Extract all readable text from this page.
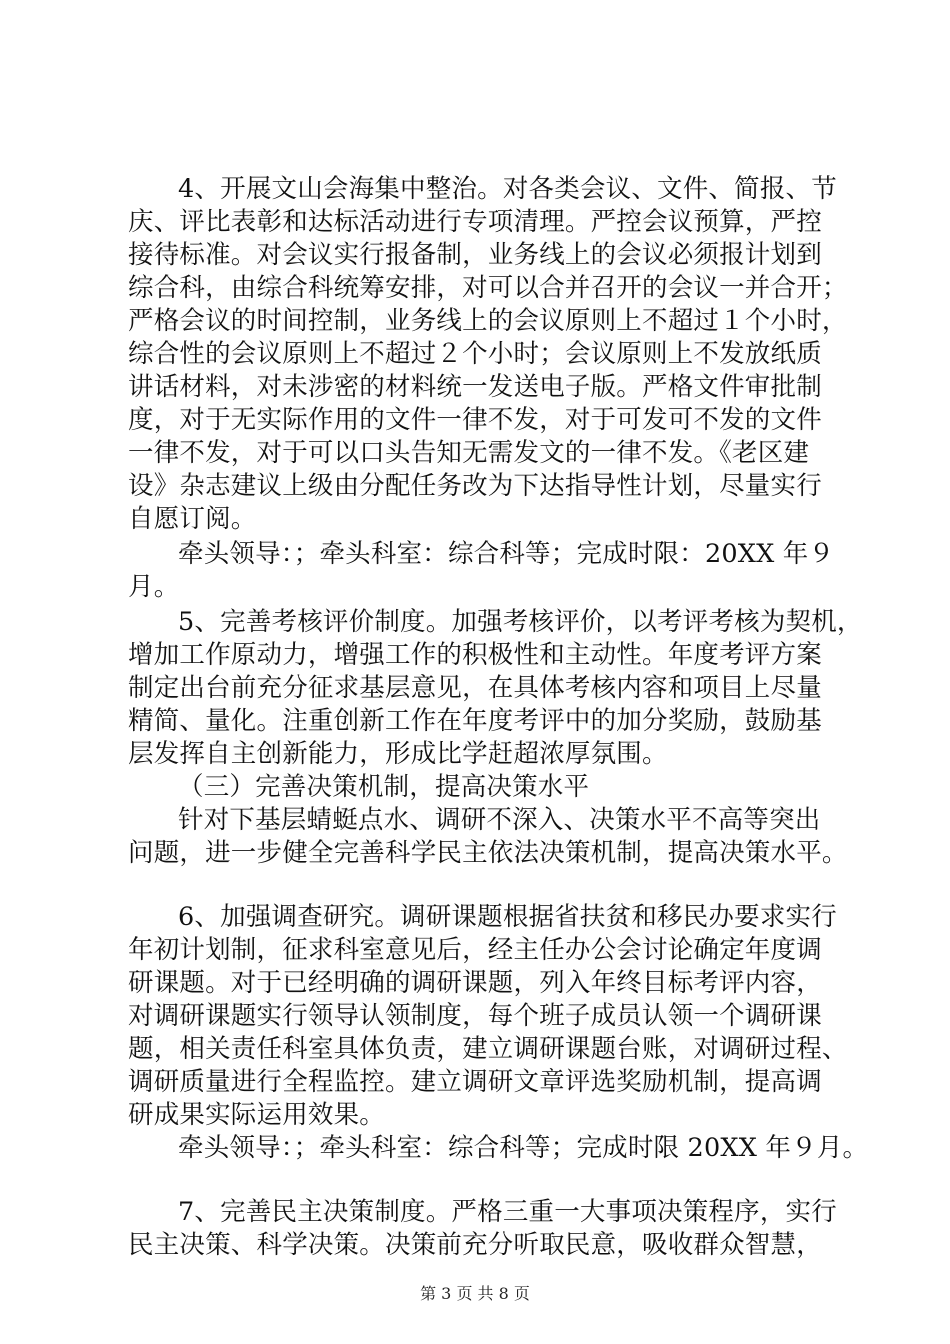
4、开展文山会海集中整治。对各类会议、文件、简报、节
庆、评比表彰和达标活动进行专项清理。严控会议预算，严控
接待标准。对会议实行报备制，业务线上的会议必须报计划到
综合科，由综合科统筹安排，对可以合并召开的会议一并合开；
严格会议的时间控制，业务线上的会议原则上不超过１个小时，
综合性的会议原则上不超过２个小时；会议原则上不发放纸质
讲话材料，对未涉密的材料统一发送电子版。严格文件审批制
度，对于无实际作用的文件一律不发，对于可发可不发的文件
一律不发，对于可以口头告知无需发文的一律不发。《老区建
设》杂志建议上级由分配任务改为下达指导性计划，尽量实行
自愿订阅。
牵头领导：；牵头科室：综合科等；完成时限：20XX 年９
月。
5、完善考核评价制度。加强考核评价，以考评考核为契机，
增加工作原动力，增强工作的积极性和主动性。年度考评方案
制定出台前充分征求基层意见，在具体考核内容和项目上尽量
精简、量化。注重创新工作在年度考评中的加分奖励，鼓励基
层发挥自主创新能力，形成比学赶超浓厚氛围。
（三）完善决策机制，提高决策水平
针对下基层蜻蜓点水、调研不深入、决策水平不高等突出
问题，进一步健全完善科学民主依法决策机制，提高决策水平。
6、加强调查研究。调研课题根据省扶贫和移民办要求实行
年初计划制，征求科室意见后，经主任办公会讨论确定年度调
研课题。对于已经明确的调研课题，列入年终目标考评内容，
对调研课题实行领导认领制度，每个班子成员认领一个调研课
题，相关责任科室具体负责，建立调研课题台账，对调研过程、
调研质量进行全程监控。建立调研文章评选奖励机制，提高调
研成果实际运用效果。
牵头领导：；牵头科室：综合科等；完成时限 20XX 年９月。
7、完善民主决策制度。严格三重一大事项决策程序，实行
民主决策、科学决策。决策前充分听取民意，吸收群众智慧，
第 3 页 共 8 页
